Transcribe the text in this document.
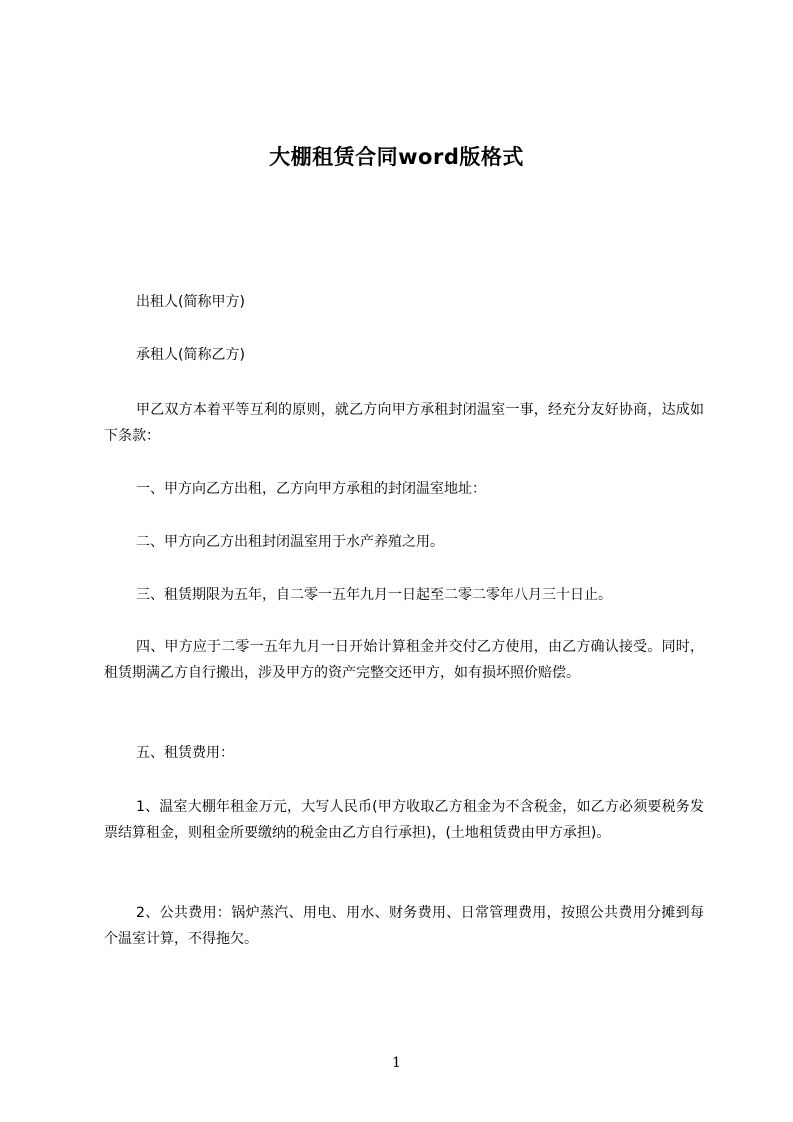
大棚租赁合同word版格式

出租人(简称甲方)

承租人(简称乙方)

甲乙双方本着平等互利的原则，就乙方向甲方承租封闭温室一事，经充分友好协商，达成如下条款：

一、甲方向乙方出租，乙方向甲方承租的封闭温室地址：

二、甲方向乙方出租封闭温室用于水产养殖之用。

三、租赁期限为五年，自二零一五年九月一日起至二零二零年八月三十日止。

四、甲方应于二零一五年九月一日开始计算租金并交付乙方使用，由乙方确认接受。同时，租赁期满乙方自行搬出，涉及甲方的资产完整交还甲方，如有损坏照价赔偿。

五、租赁费用：

1、温室大棚年租金万元，大写人民币(甲方收取乙方租金为不含税金，如乙方必须要税务发票结算租金，则租金所要缴纳的税金由乙方自行承担)，(土地租赁费由甲方承担)。

2、公共费用：锅炉蒸汽、用电、用水、财务费用、日常管理费用，按照公共费用分摊到每个温室计算，不得拖欠。

1
